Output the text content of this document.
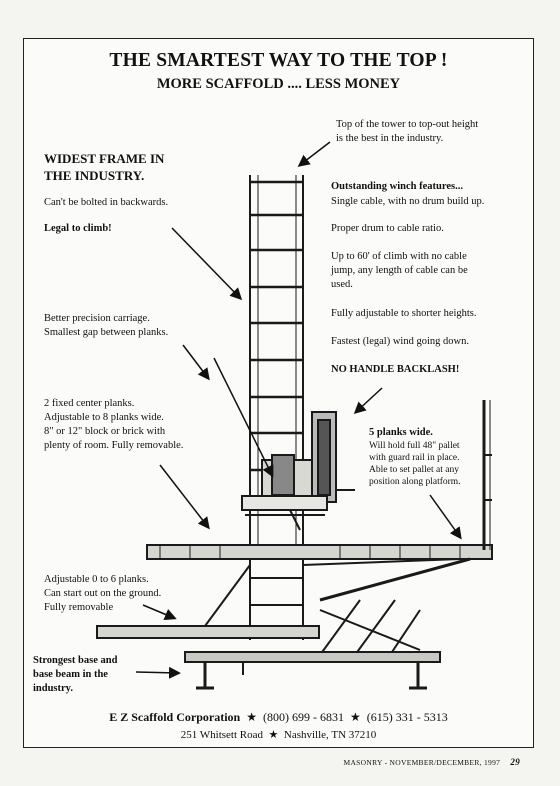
THE SMARTEST WAY TO THE TOP !
MORE SCAFFOLD .... LESS MONEY
Top of the tower to top-out height
is the best in the industry.
WIDEST FRAME IN
THE INDUSTRY.
Can't be bolted in backwards.
Legal to climb!
Outstanding winch features...
Single cable, with no drum build up.
Proper drum to cable ratio.
Up to 60' of climb with no cable
jump, any length of cable can be
used.
Fully adjustable to shorter heights.
Fastest (legal) wind going down.
NO HANDLE BACKLASH!
Better precision carriage.
Smallest gap between planks.
2 fixed center planks.
Adjustable to 8 planks wide.
8" or 12" block or brick with
plenty of room. Fully removable.
5 planks wide.
Will hold full 48" pallet
with guard rail in place.
Able to set pallet at any
position along platform.
Adjustable 0 to 6 planks.
Can start out on the ground.
Fully removable
Strongest base and
base beam in the
industry.
E Z Scaffold Corporation ★ (800) 699 - 6831 ★ (615) 331 - 5313
251 Whitsett Road ★ Nashville, TN 37210
MASONRY - NOVEMBER/DECEMBER, 1997 29
